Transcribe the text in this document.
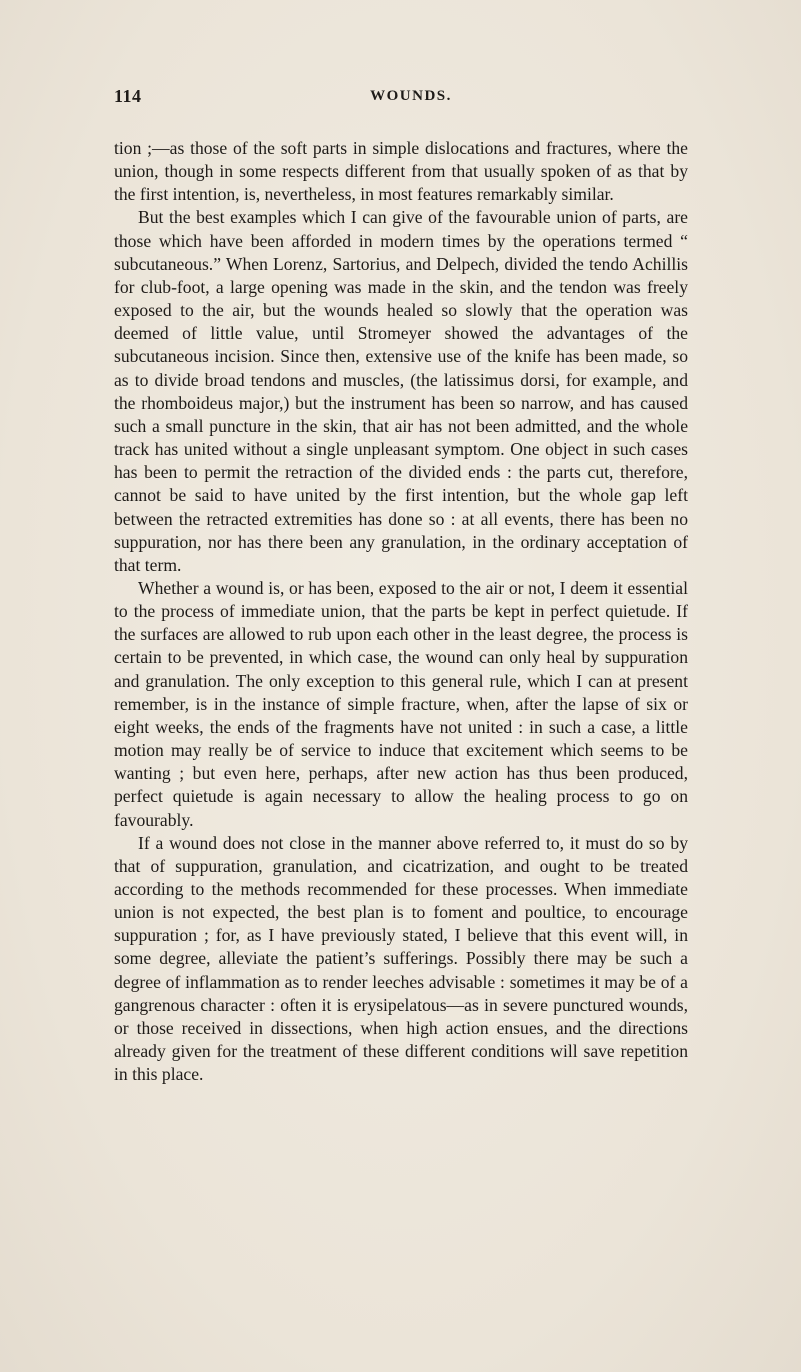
114	WOUNDS.

tion ;—as those of the soft parts in simple dislocations and fractures, where the union, though in some respects different from that usually spoken of as that by the first intention, is, nevertheless, in most features remarkably similar.

But the best examples which I can give of the favourable union of parts, are those which have been afforded in modern times by the operations termed “ subcutaneous.” When Lorenz, Sartorius, and Delpech, divided the tendo Achillis for club-foot, a large opening was made in the skin, and the tendon was freely exposed to the air, but the wounds healed so slowly that the operation was deemed of little value, until Stromeyer showed the advantages of the subcutaneous incision. Since then, extensive use of the knife has been made, so as to divide broad tendons and muscles, (the latissimus dorsi, for example, and the rhomboideus major,) but the instrument has been so narrow, and has caused such a small puncture in the skin, that air has not been admitted, and the whole track has united without a single unpleasant symptom. One object in such cases has been to permit the retraction of the divided ends : the parts cut, therefore, cannot be said to have united by the first intention, but the whole gap left between the retracted extremities has done so : at all events, there has been no suppuration, nor has there been any granulation, in the ordinary acceptation of that term.

Whether a wound is, or has been, exposed to the air or not, I deem it essential to the process of immediate union, that the parts be kept in perfect quietude. If the surfaces are allowed to rub upon each other in the least degree, the process is certain to be prevented, in which case, the wound can only heal by suppuration and granulation. The only exception to this general rule, which I can at present remember, is in the instance of simple fracture, when, after the lapse of six or eight weeks, the ends of the fragments have not united : in such a case, a little motion may really be of service to induce that excitement which seems to be wanting ; but even here, perhaps, after new action has thus been produced, perfect quietude is again necessary to allow the healing process to go on favourably.

If a wound does not close in the manner above referred to, it must do so by that of suppuration, granulation, and cicatrization, and ought to be treated according to the methods recommended for these processes. When immediate union is not expected, the best plan is to foment and poultice, to encourage suppuration ; for, as I have previously stated, I believe that this event will, in some degree, alleviate the patient’s sufferings. Possibly there may be such a degree of inflammation as to render leeches advisable : sometimes it may be of a gangrenous character : often it is erysipelatous—as in severe punctured wounds, or those received in dissections, when high action ensues, and the directions already given for the treatment of these different conditions will save repetition in this place.
